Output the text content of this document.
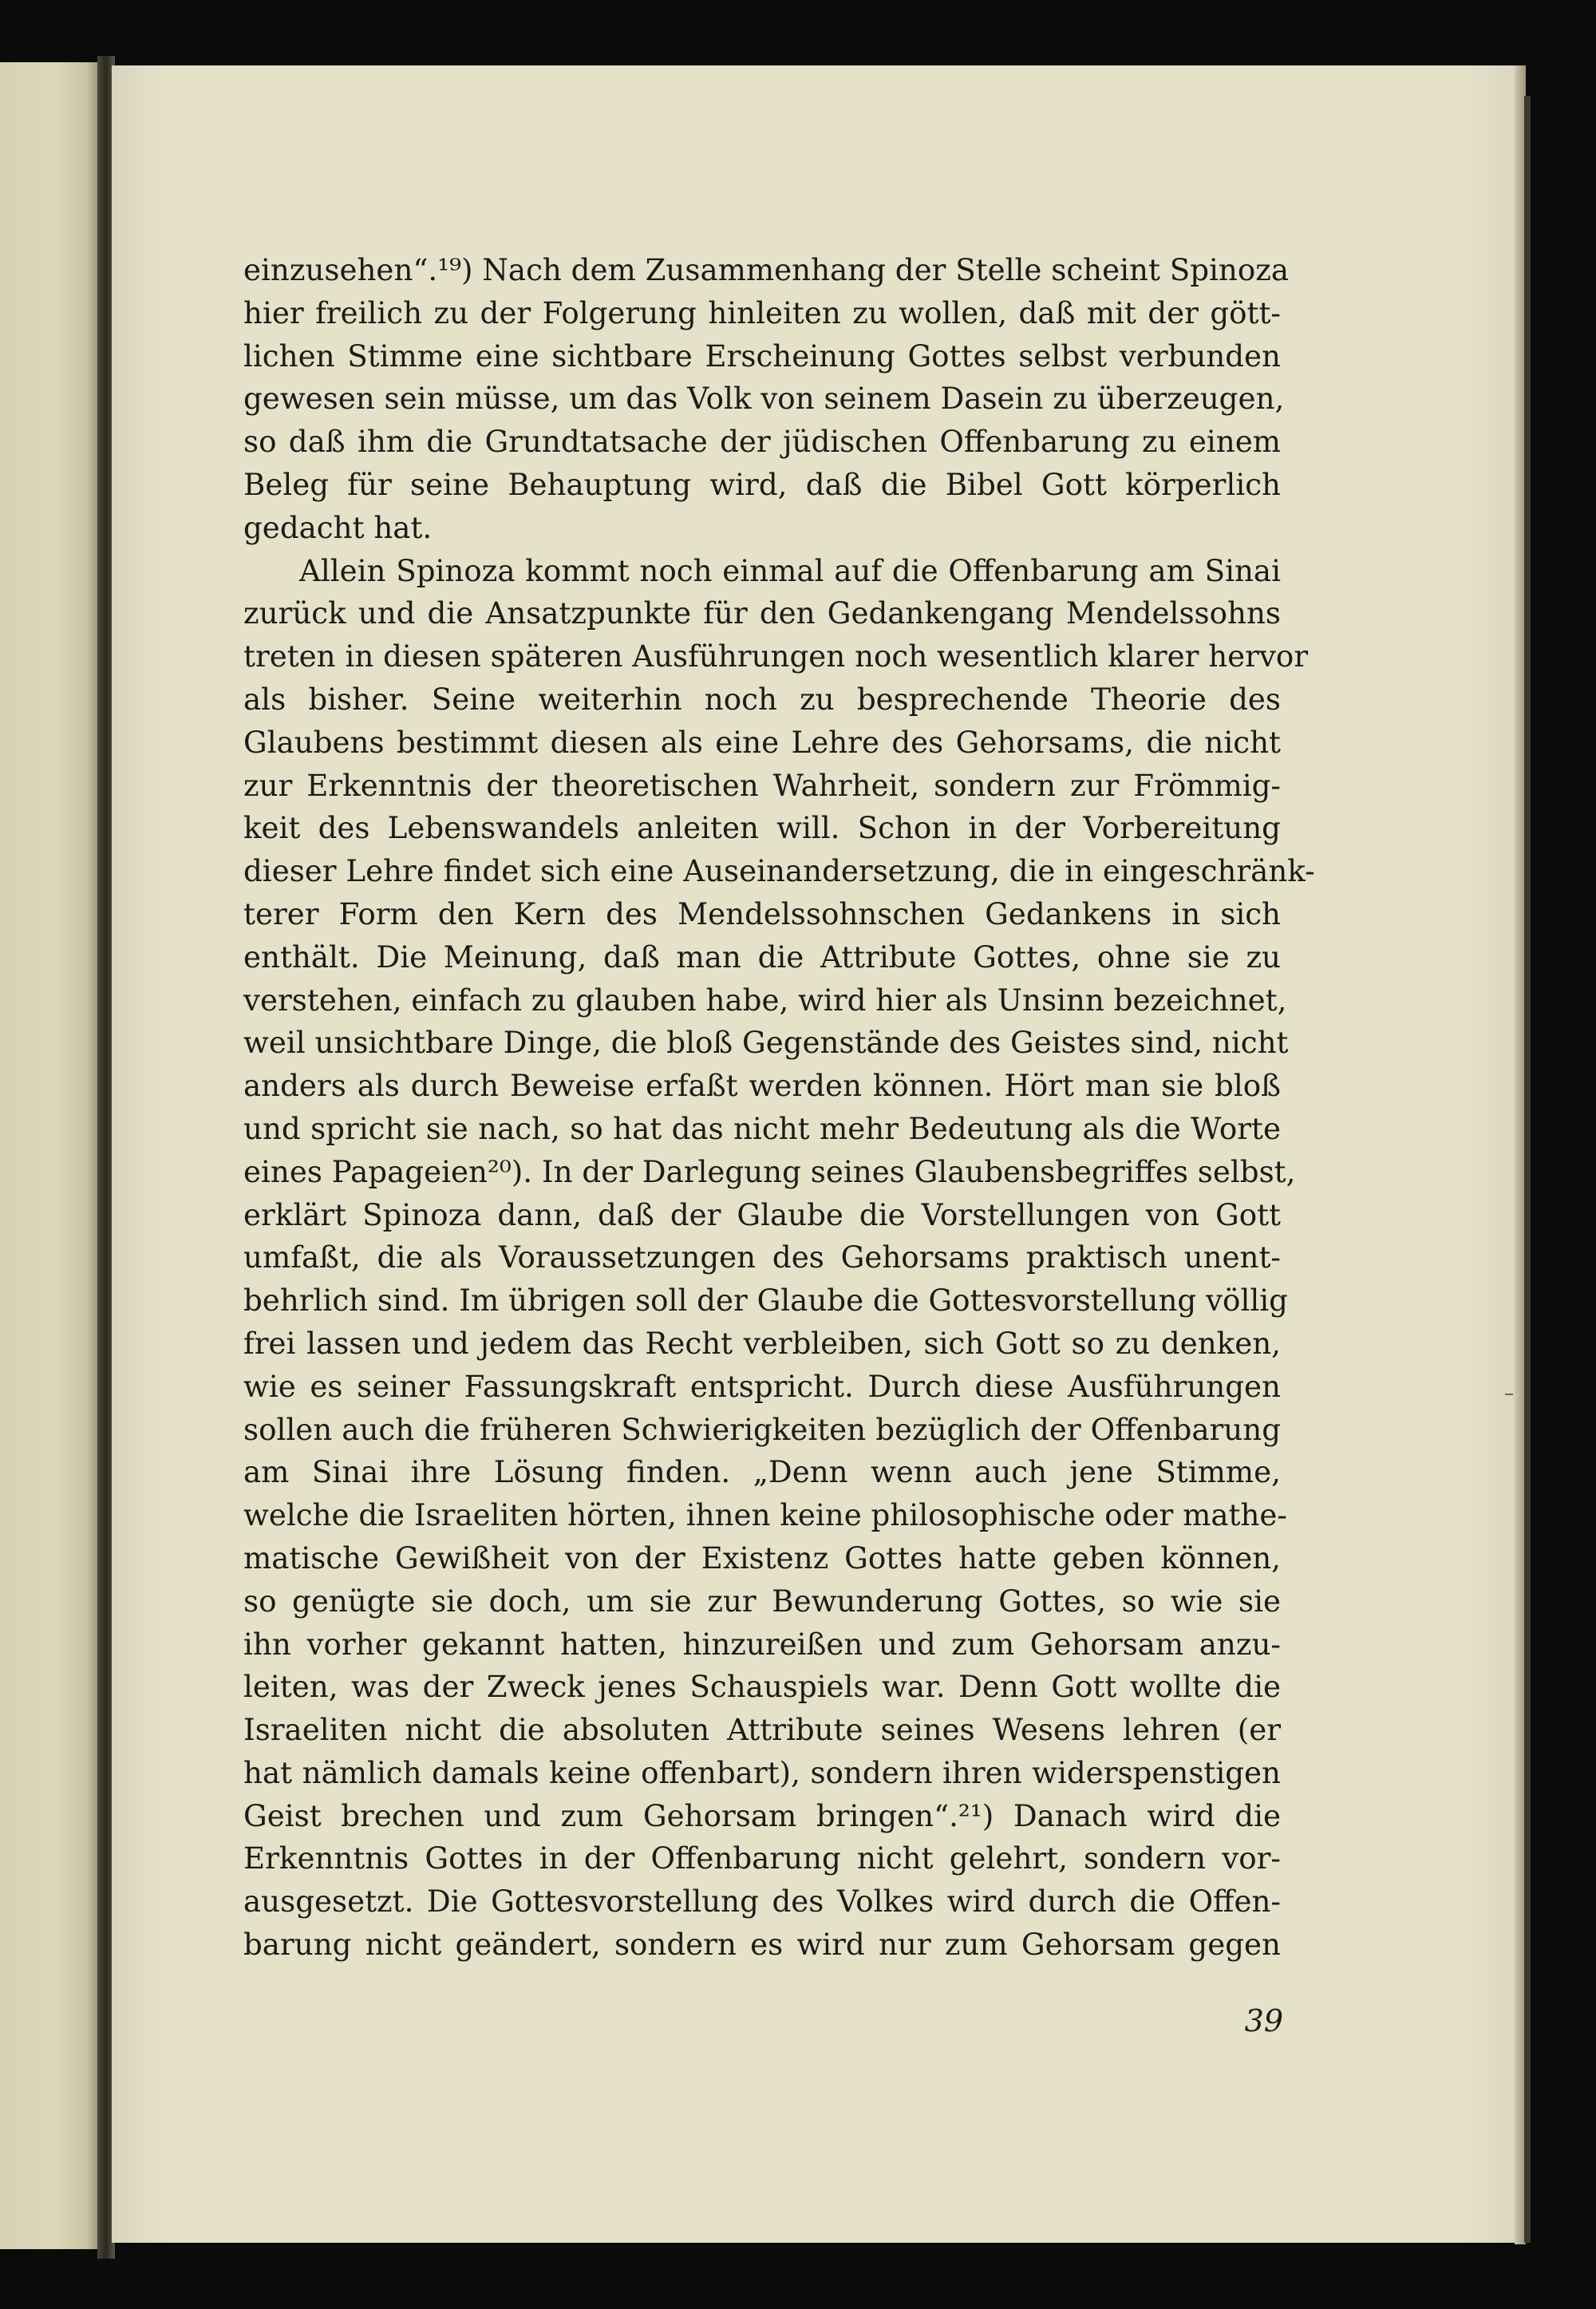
einzusehen“.¹⁹) Nach dem Zusammenhang der Stelle scheint Spinoza
hier freilich zu der Folgerung hinleiten zu wollen, daß mit der gött-
lichen Stimme eine sichtbare Erscheinung Gottes selbst verbunden
gewesen sein müsse, um das Volk von seinem Dasein zu überzeugen,
so daß ihm die Grundtatsache der jüdischen Offenbarung zu einem
Beleg für seine Behauptung wird, daß die Bibel Gott körperlich
gedacht hat.
Allein Spinoza kommt noch einmal auf die Offenbarung am Sinai
zurück und die Ansatzpunkte für den Gedankengang Mendelssohns
treten in diesen späteren Ausführungen noch wesentlich klarer hervor
als bisher. Seine weiterhin noch zu besprechende Theorie des
Glaubens bestimmt diesen als eine Lehre des Gehorsams, die nicht
zur Erkenntnis der theoretischen Wahrheit, sondern zur Frömmig-
keit des Lebenswandels anleiten will. Schon in der Vorbereitung
dieser Lehre findet sich eine Auseinandersetzung, die in eingeschränk-
terer Form den Kern des Mendelssohnschen Gedankens in sich
enthält. Die Meinung, daß man die Attribute Gottes, ohne sie zu
verstehen, einfach zu glauben habe, wird hier als Unsinn bezeichnet,
weil unsichtbare Dinge, die bloß Gegenstände des Geistes sind, nicht
anders als durch Beweise erfaßt werden können. Hört man sie bloß
und spricht sie nach, so hat das nicht mehr Bedeutung als die Worte
eines Papageien²⁰). In der Darlegung seines Glaubensbegriffes selbst,
erklärt Spinoza dann, daß der Glaube die Vorstellungen von Gott
umfaßt, die als Voraussetzungen des Gehorsams praktisch unent-
behrlich sind. Im übrigen soll der Glaube die Gottesvorstellung völlig
frei lassen und jedem das Recht verbleiben, sich Gott so zu denken,
wie es seiner Fassungskraft entspricht. Durch diese Ausführungen
sollen auch die früheren Schwierigkeiten bezüglich der Offenbarung
am Sinai ihre Lösung finden. „Denn wenn auch jene Stimme,
welche die Israeliten hörten, ihnen keine philosophische oder mathe-
matische Gewißheit von der Existenz Gottes hatte geben können,
so genügte sie doch, um sie zur Bewunderung Gottes, so wie sie
ihn vorher gekannt hatten, hinzureißen und zum Gehorsam anzu-
leiten, was der Zweck jenes Schauspiels war. Denn Gott wollte die
Israeliten nicht die absoluten Attribute seines Wesens lehren (er
hat nämlich damals keine offenbart), sondern ihren widerspenstigen
Geist brechen und zum Gehorsam bringen“.²¹) Danach wird die
Erkenntnis Gottes in der Offenbarung nicht gelehrt, sondern vor-
ausgesetzt. Die Gottesvorstellung des Volkes wird durch die Offen-
barung nicht geändert, sondern es wird nur zum Gehorsam gegen
39
